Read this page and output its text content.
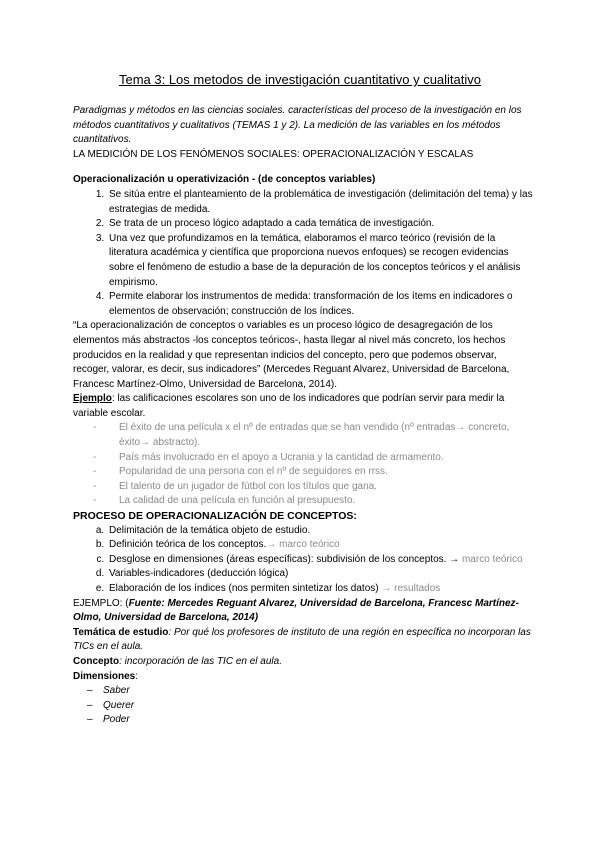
Tema 3: Los metodos de investigación cuantitativo y cualitativo

Paradigmas y métodos en las ciencias sociales. características del proceso de la investigación en los métodos cuantitativos y cualitativos (TEMAS 1 y 2). La medición de las variables en los métodos cuantitativos.

LA MEDICIÓN DE LOS FENÓMENOS SOCIALES: OPERACIONALIZACIÓN Y ESCALAS

Operacionalización u operativización - (de conceptos variables)

1. Se sitúa entre el planteamiento de la problemática de investigación (delimitación del tema) y las estrategias de medida.
2. Se trata de un proceso lógico adaptado a cada temática de investigación.
3. Una vez que profundizamos en la temática, elaboramos el marco teórico (revisión de la literatura académica y científica que proporciona nuevos enfoques) se recogen evidencias sobre el fenómeno de estudio a base de la depuración de los conceptos teóricos y el análisis empirismo.
4. Permite elaborar los instrumentos de medida: transformación de los ítems en indicadores o elementos de observación; construcción de los índices.

“La operacionalización de conceptos o variables es un proceso lógico de desagregación de los elementos más abstractos -los conceptos teóricos-, hasta llegar al nivel más concreto, los hechos producidos en la realidad y que representan indicios del concepto, pero que podemos observar, recoger, valorar, es decir, sus indicadores” (Mercedes Reguant Alvarez, Universidad de Barcelona, Francesc Martínez-Olmo, Universidad de Barcelona, 2014).

Ejemplo: las calificaciones escolares son uno de los indicadores que podrían servir para medir la variable escolar.

- El éxito de una película x el nº de entradas que se han vendido (nº entradas→ concreto, éxito→ abstracto).
- País más involucrado en el apoyo a Ucrania y la cantidad de armamento.
- Popularidad de una persona con el nº de seguidores en rrss.
- El talento de un jugador de fútbol con los títulos que gana.
- La calidad de una película en función al presupuesto.

PROCESO DE OPERACIONALIZACIÓN DE CONCEPTOS:

a. Delimitación de la temática objeto de estudio.
b. Definición teórica de los conceptos.→ marco teórico
c. Desglose en dimensiones (áreas específicas): subdivisión de los conceptos. → marco teórico
d. Variables-indicadores (deducción lógica)
e. Elaboración de los índices (nos permiten sintetizar los datos) → resultados

EJEMPLO: (Fuente: Mercedes Reguant Alvarez, Universidad de Barcelona, Francesc Martínez-Olmo, Universidad de Barcelona, 2014)

Temática de estudio: Por qué los profesores de instituto de una región en específica no incorporan las TICs en el aula.

Concepto: incorporación de las TIC en el aula.

Dimensiones:

– Saber
– Querer
– Poder
